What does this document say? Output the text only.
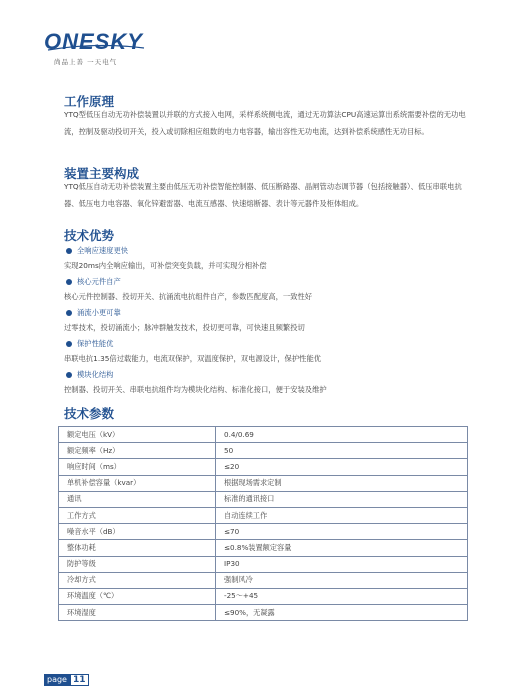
ONESKY
尚品上善 一天电气
工作原理

YTQ型低压自动无功补偿装置以并联的方式接入电网，采样系统侧电流，通过无功算法CPU高速运算出系统需要补偿的无功电流，控制及驱动投切开关，投入或切除相应组数的电力电容器，输出容性无功电流，达到补偿系统感性无功目标。

装置主要构成

YTQ低压自动无功补偿装置主要由低压无功补偿智能控制器、低压断路器、晶闸管动态调节器（包括接触器）、低压串联电抗器、低压电力电容器、氧化锌避雷器、电流互感器、快速熔断器、表计等元器件及柜体组成。

技术优势
全响应速度更快
实现20ms内全响应输出，可补偿突变负载，并可实现分相补偿
核心元件自产
核心元件控制器、投切开关、抗涌流电抗组件自产，参数匹配度高，一致性好
涌流小更可靠
过零技术，投切涌流小；脉冲群触发技术，投切更可靠，可快速且频繁投切
保护性能优
串联电抗1.35倍过载能力，电流双保护，双温度保护，双电源设计，保护性能优
模块化结构
控制器、投切开关、串联电抗组件均为模块化结构、标准化接口，便于安装及维护
技术参数
额定电压（kV）	0.4/0.69
额定频率（Hz）	50
响应时间（ms）	≤20
单机补偿容量（kvar）	根据现场需求定制
通讯	标准的通讯接口
工作方式	自动连续工作
噪音水平（dB）	≤70
整体功耗	≤0.8%装置额定容量
防护等级	IP30
冷却方式	强制风冷
环境温度（℃）	-25～+45
环境湿度	≤90%，无凝露
page 11
